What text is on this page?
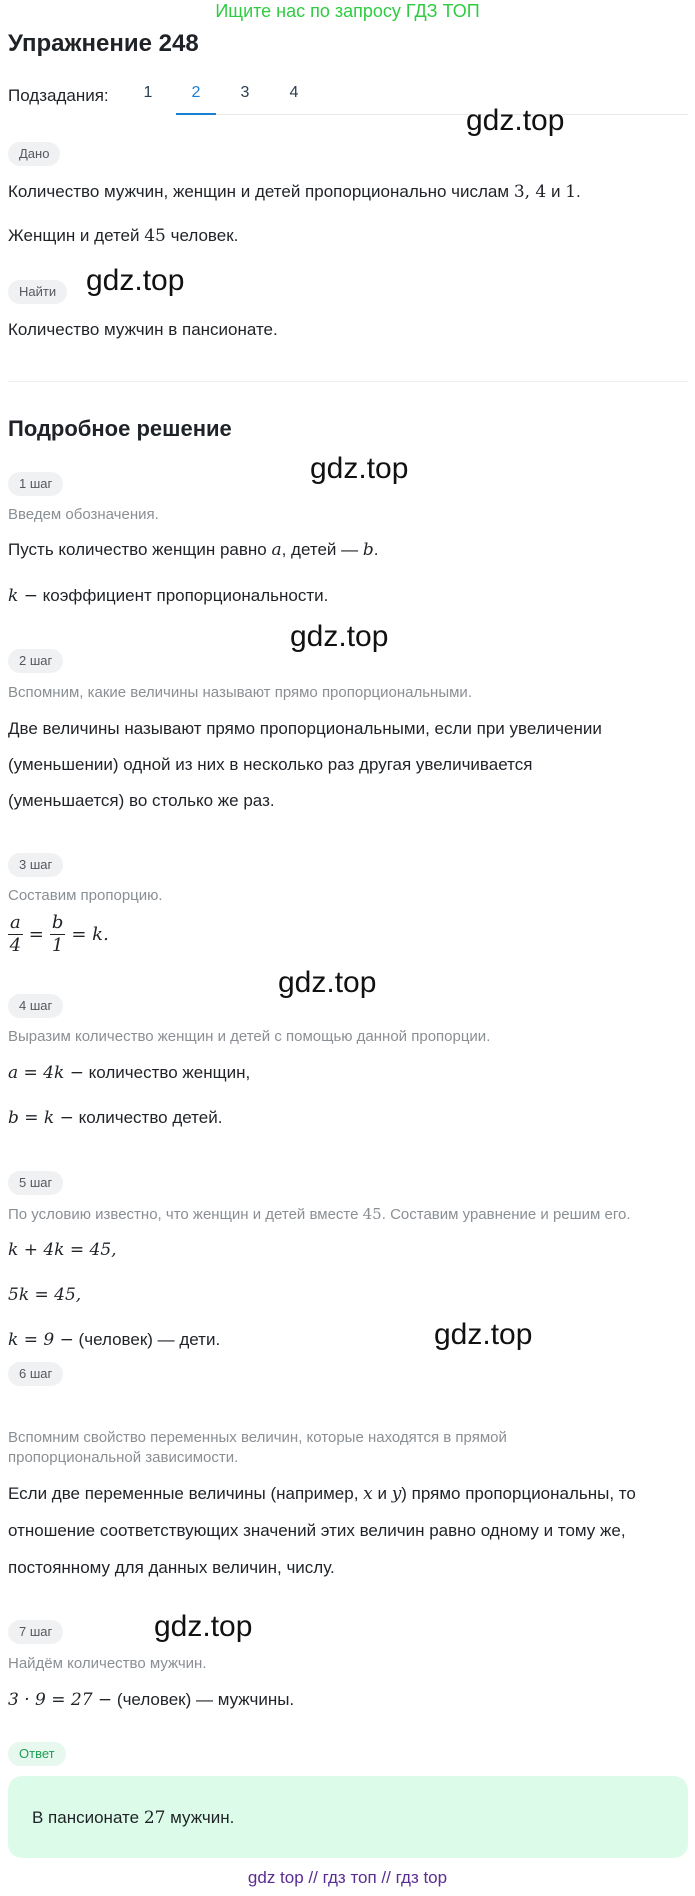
Ищите нас по запросу ГДЗ ТОП
Упражнение 248
Подзадания:	1	2	3	4
gdz.top
gdz.top
gdz.top
gdz.top
gdz.top
gdz.top
gdz.top
Дано
Количество мужчин, женщин и детей пропорционально числам 3, 4 и 1.
Женщин и детей 45 человек.
Найти
Количество мужчин в пансионате.
Подробное решение
1 шаг
Введем обозначения.
Пусть количество женщин равно a, детей — b.
k − коэффициент пропорциональности.
2 шаг
Вспомним, какие величины называют прямо пропорциональными.
Две величины называют прямо пропорциональными, если при увеличении
(уменьшении) одной из них в несколько раз другая увеличивается
(уменьшается) во столько же раз.
3 шаг
Составим пропорцию.
$\frac{a}{4} = \frac{b}{1} = k$.
4 шаг
Выразим количество женщин и детей с помощью данной пропорции.
a = 4k − количество женщин,
b = k − количество детей.
5 шаг
По условию известно, что женщин и детей вместе 45. Составим уравнение и решим его.
k + 4k = 45,
5k = 45,
k = 9 − (человек) — дети.
6 шаг
Вспомним свойство переменных величин, которые находятся в прямой
пропорциональной зависимости.
Если две переменные величины (например, x и y) прямо пропорциональны, то
отношение соответствующих значений этих величин равно одному и тому же,
постоянному для данных величин, числу.
7 шаг
Найдём количество мужчин.
3 · 9 = 27 − (человек) — мужчины.
Ответ
В пансионате 27 мужчин.
gdz top // гдз топ // гдз top
